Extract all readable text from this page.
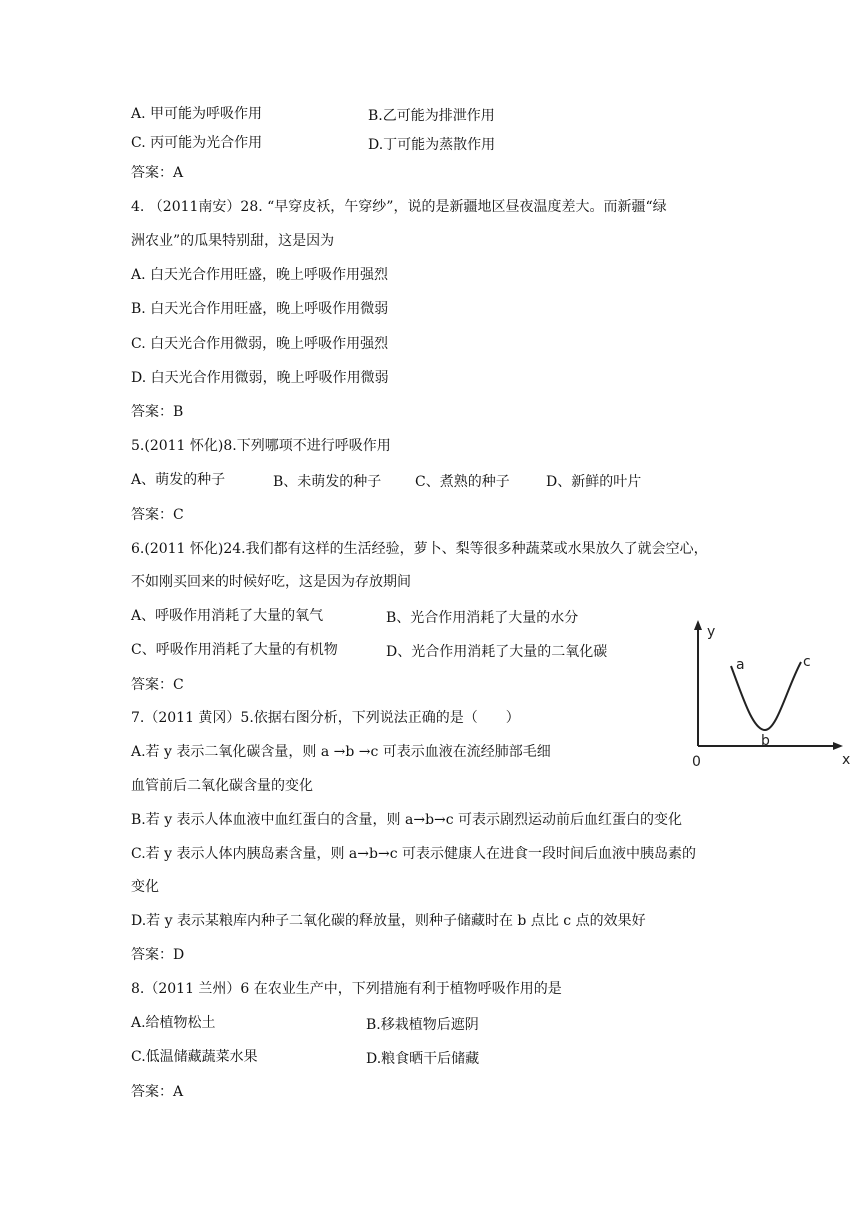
A. 甲可能为呼吸作用	B.乙可能为排泄作用
C. 丙可能为光合作用	D.丁可能为蒸散作用
答案：A
4. （2011南安）28. “早穿皮袄，午穿纱”，说的是新疆地区昼夜温度差大。而新疆“绿
洲农业”的瓜果特别甜，这是因为
A. 白天光合作用旺盛，晚上呼吸作用强烈
B. 白天光合作用旺盛，晚上呼吸作用微弱
C. 白天光合作用微弱，晚上呼吸作用强烈
D. 白天光合作用微弱，晚上呼吸作用微弱
答案：B
5.(2011 怀化)8.下列哪项不进行呼吸作用
A、萌发的种子	B、未萌发的种子 C、煮熟的种子	D、新鲜的叶片
答案：C
6.(2011 怀化)24.我们都有这样的生活经验，萝卜、梨等很多种蔬菜或水果放久了就会空心，
不如刚买回来的时候好吃，这是因为存放期间
A、呼吸作用消耗了大量的氧气	B、光合作用消耗了大量的水分
C、呼吸作用消耗了大量的有机物	D、光合作用消耗了大量的二氧化碳
答案：C
7.（2011 黄冈）5.依据右图分析，下列说法正确的是（　　）
A.若 y 表示二氧化碳含量，则 a →b →c 可表示血液在流经肺部毛细
血管前后二氧化碳含量的变化
B.若 y 表示人体血液中血红蛋白的含量，则 a→b→c 可表示剧烈运动前后血红蛋白的变化
C.若 y 表示人体内胰岛素含量，则 a→b→c 可表示健康人在进食一段时间后血液中胰岛素的
变化
D.若 y 表示某粮库内种子二氧化碳的释放量，则种子储藏时在 b 点比 c 点的效果好
答案：D
y
x
0
a
b
c
8.（2011 兰州）6 在农业生产中，下列措施有利于植物呼吸作用的是
A.给植物松土	B.移栽植物后遮阴
C.低温储藏蔬菜水果	D.粮食晒干后储藏
答案：A
